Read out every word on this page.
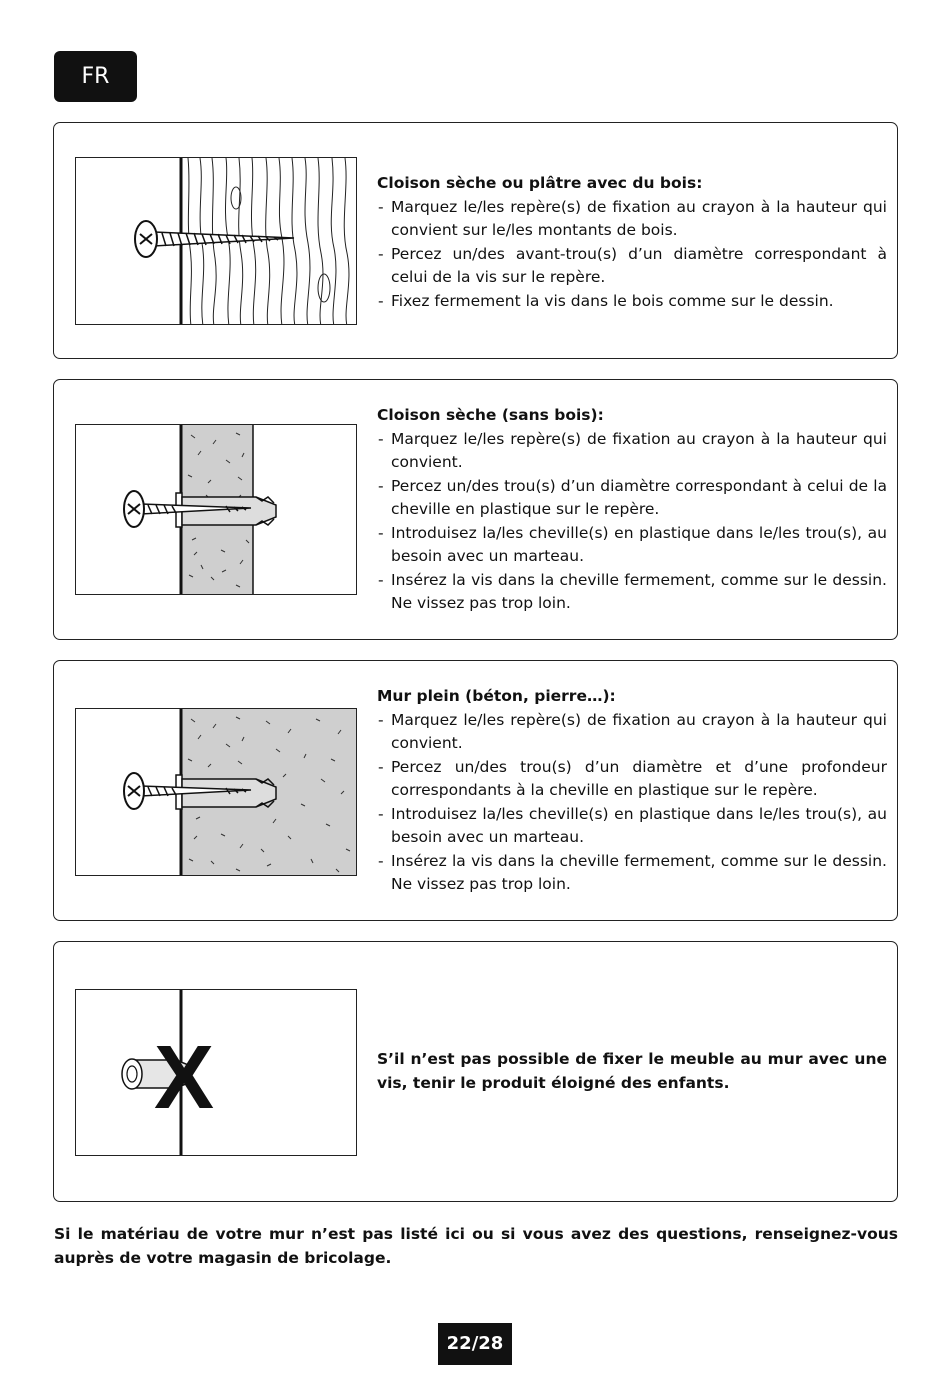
FR
Cloison sèche ou plâtre avec du bois:
- Marquez le/les repère(s) de fixation au crayon à la hauteur qui convient sur le/les montants de bois.
- Percez un/des avant-trou(s) d’un diamètre correspondant à celui de la vis sur le repère.
- Fixez fermement la vis dans le bois comme sur le dessin.
Cloison sèche (sans bois):
- Marquez le/les repère(s) de fixation au crayon à la hauteur qui convient.
- Percez un/des trou(s) d’un diamètre correspondant à celui de la cheville en plastique sur le repère.
- Introduisez la/les cheville(s) en plastique dans le/les trou(s), au besoin avec un marteau.
- Insérez la vis dans la cheville fermement, comme sur le dessin. Ne vissez pas trop loin.
Mur plein (béton, pierre…):
- Marquez le/les repère(s) de fixation au crayon à la hauteur qui convient.
- Percez un/des trou(s) d’un diamètre et d’une profondeur correspondants à la cheville en plastique sur le repère.
- Introduisez la/les cheville(s) en plastique dans le/les trou(s), au besoin avec un marteau.
- Insérez la vis dans la cheville fermement, comme sur le dessin. Ne vissez pas trop loin.
X	S’il n’est pas possible de fixer le meuble au mur avec une vis, tenir le produit éloigné des enfants.
Si le matériau de votre mur n’est pas listé ici ou si vous avez des questions, renseignez-vous auprès de votre magasin de bricolage.
22/28
